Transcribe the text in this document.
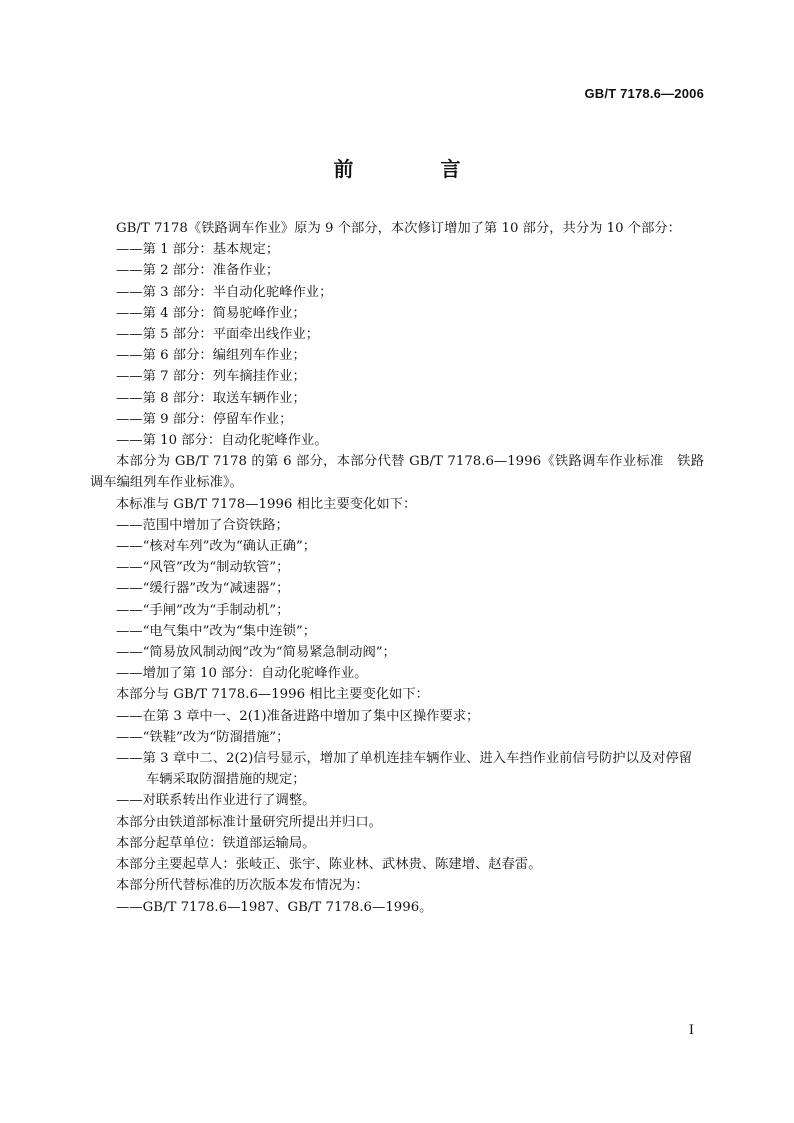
GB/T 7178.6—2006
前 言

GB/T 7178《铁路调车作业》原为 9 个部分，本次修订增加了第 10 部分，共分为 10 个部分：

——第 1 部分：基本规定；

——第 2 部分：准备作业；

——第 3 部分：半自动化驼峰作业；

——第 4 部分：简易驼峰作业；

——第 5 部分：平面牵出线作业；

——第 6 部分：编组列车作业；

——第 7 部分：列车摘挂作业；

——第 8 部分：取送车辆作业；

——第 9 部分：停留车作业；

——第 10 部分：自动化驼峰作业。

本部分为 GB/T 7178 的第 6 部分，本部分代替 GB/T 7178.6—1996《铁路调车作业标准　铁路调车编组列车作业标准》。

本标准与 GB/T 7178—1996 相比主要变化如下：

——范围中增加了合资铁路；

——“核对车列”改为“确认正确”；

——“风管”改为“制动软管”；

——“缓行器”改为“减速器”；

——“手闸”改为“手制动机”；

——“电气集中”改为“集中连锁”；

——“简易放风制动阀”改为“简易紧急制动阀”；

——增加了第 10 部分：自动化驼峰作业。

本部分与 GB/T 7178.6—1996 相比主要变化如下：

——在第 3 章中一、2(1)准备进路中增加了集中区操作要求；

——“铁鞋”改为“防溜措施”；

——第 3 章中二、2(2)信号显示，增加了单机连挂车辆作业、进入车挡作业前信号防护以及对停留车辆采取防溜措施的规定；

——对联系转出作业进行了调整。

本部分由铁道部标准计量研究所提出并归口。

本部分起草单位：铁道部运输局。

本部分主要起草人：张岐正、张宇、陈业林、武林贵、陈建增、赵春雷。

本部分所代替标准的历次版本发布情况为：

——GB/T 7178.6—1987、GB/T 7178.6—1996。

I
